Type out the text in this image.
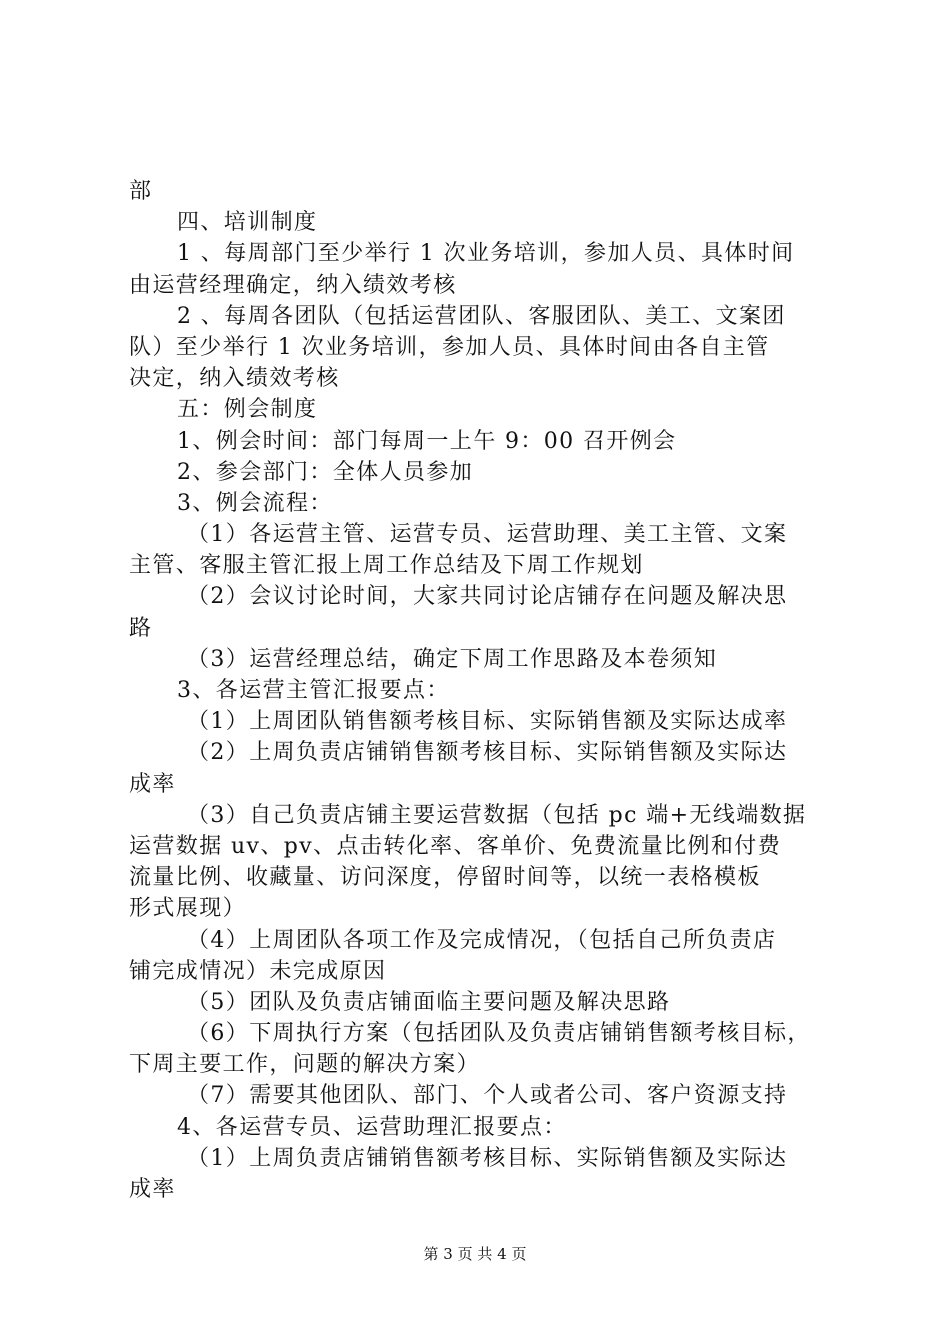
部
四、培训制度
1 、每周部门至少举行 1 次业务培训，参加人员、具体时间
由运营经理确定，纳入绩效考核
2 、每周各团队（包括运营团队、客服团队、美工、文案团
队）至少举行 1 次业务培训，参加人员、具体时间由各自主管
决定，纳入绩效考核
五：例会制度
1、例会时间：部门每周一上午 9：00 召开例会
2、参会部门：全体人员参加
3、例会流程：
（1）各运营主管、运营专员、运营助理、美工主管、文案
主管、客服主管汇报上周工作总结及下周工作规划
（2）会议讨论时间，大家共同讨论店铺存在问题及解决思
路
（3）运营经理总结，确定下周工作思路及本卷须知
3、各运营主管汇报要点：
（1）上周团队销售额考核目标、实际销售额及实际达成率
（2）上周负责店铺销售额考核目标、实际销售额及实际达
成率
（3）自己负责店铺主要运营数据（包括 pc 端+无线端数据
运营数据 uv、pv、点击转化率、客单价、免费流量比例和付费
流量比例、收藏量、访问深度，停留时间等，以统一表格模板
形式展现）
（4）上周团队各项工作及完成情况，（包括自己所负责店
铺完成情况）未完成原因
（5）团队及负责店铺面临主要问题及解决思路
（6）下周执行方案（包括团队及负责店铺销售额考核目标，
下周主要工作，问题的解决方案）
（7）需要其他团队、部门、个人或者公司、客户资源支持
4、各运营专员、运营助理汇报要点：
（1）上周负责店铺销售额考核目标、实际销售额及实际达
成率
第 3 页 共 4 页
